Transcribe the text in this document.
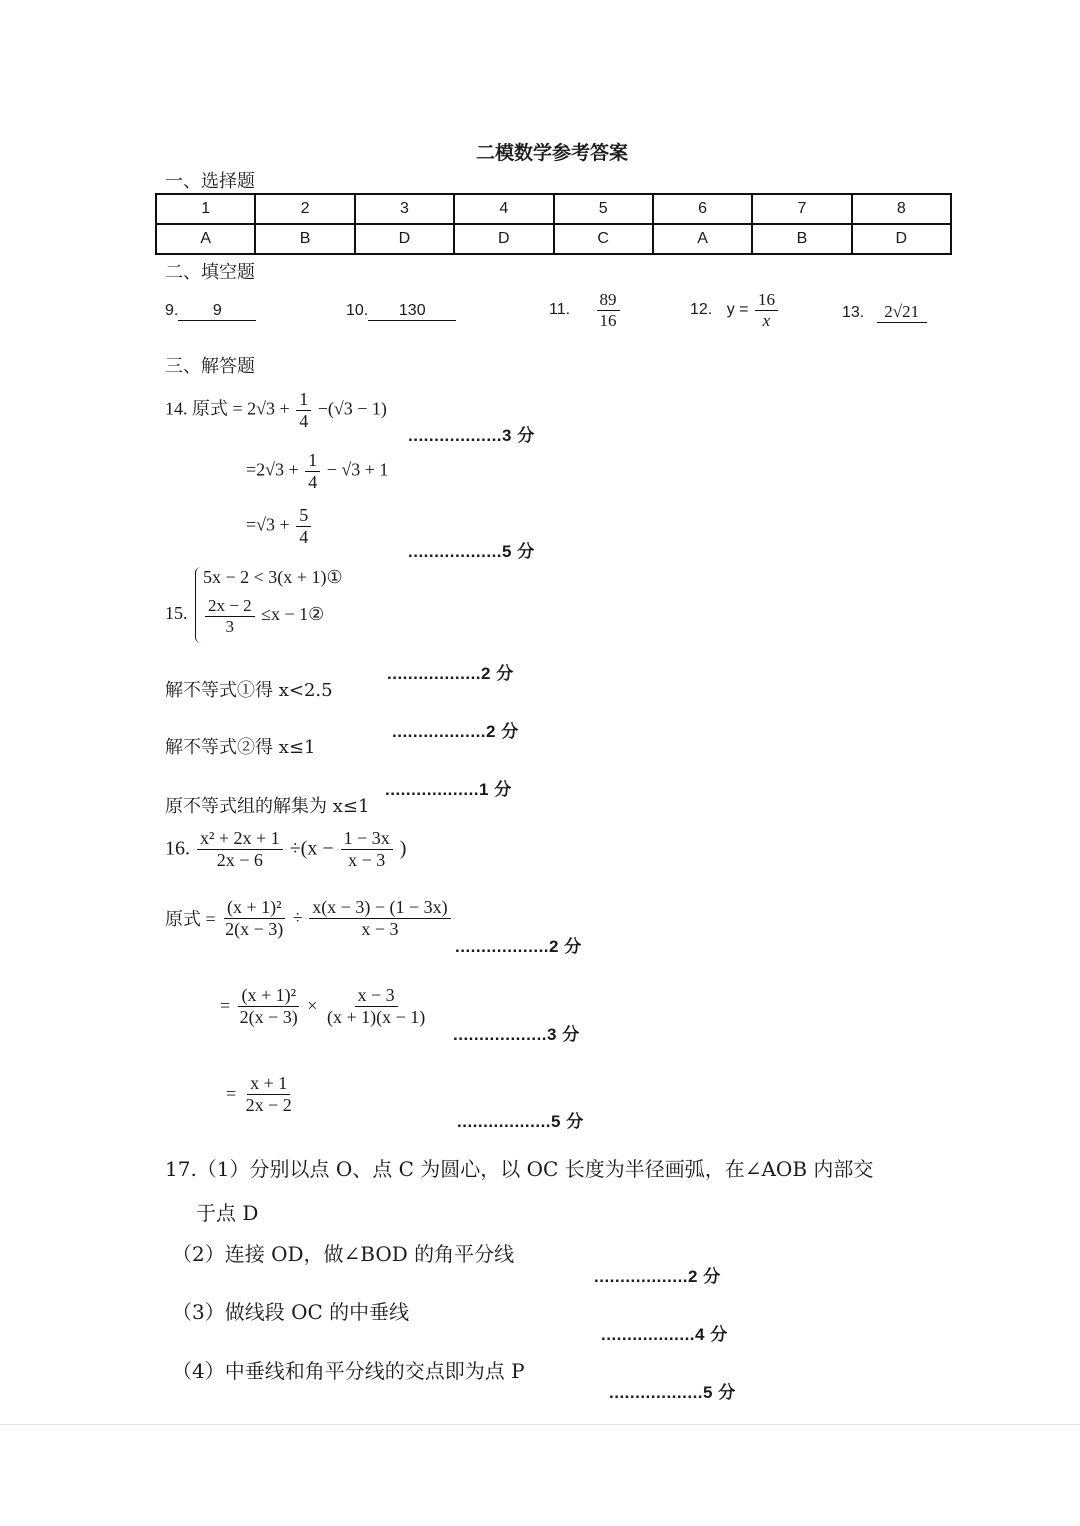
二模数学参考答案
一、选择题
1	2	3	4	5	6	7	8
A	B	D	D	C	A	B	D
二、填空题
9. 9	10. 130	11. $\frac{89}{16}$	12. $y = \frac{16}{x}$	13. 2√21
三、解答题
14. 原式 = $2√3 + \frac{1}{4} -(√3 - 1)$
..................3 分
$=2√3 + \frac{1}{4} - √3 + 1$
$=√3 + \frac{5}{4}$
..................5 分
15.
5x − 2 < 3(x + 1)①
$\frac{2x - 2}{3} \le x$ − 1②
..................2 分
解不等式①得 x<2.5
..................2 分
解不等式②得 x≤1
..................1 分
原不等式组的解集为 x≤1
16. $\frac{\text{x² + 2x + 1}}{2x - 6} \div(x - \frac{1 - 3x}{x - 3}$ )
原式 = $\frac{\text{(x + 1)²}}{2(x - 3)} \div \frac{x(x - 3) - (1 - 3x)}{x - 3}$
..................2 分
= $\frac{\text{(x + 1)²}}{2(x - 3)} \times \frac{x - 3}{(x + 1)(x - 1)}$
..................3 分
= $\frac{x + 1}{2x - 2}$
..................5 分
17.（1）分别以点 O、点 C 为圆心，以 OC 长度为半径画弧，在∠AOB 内部交
于点 D
（2）连接 OD，做∠BOD 的角平分线
..................2 分
（3）做线段 OC 的中垂线
..................4 分
（4）中垂线和角平分线的交点即为点 P
..................5 分
